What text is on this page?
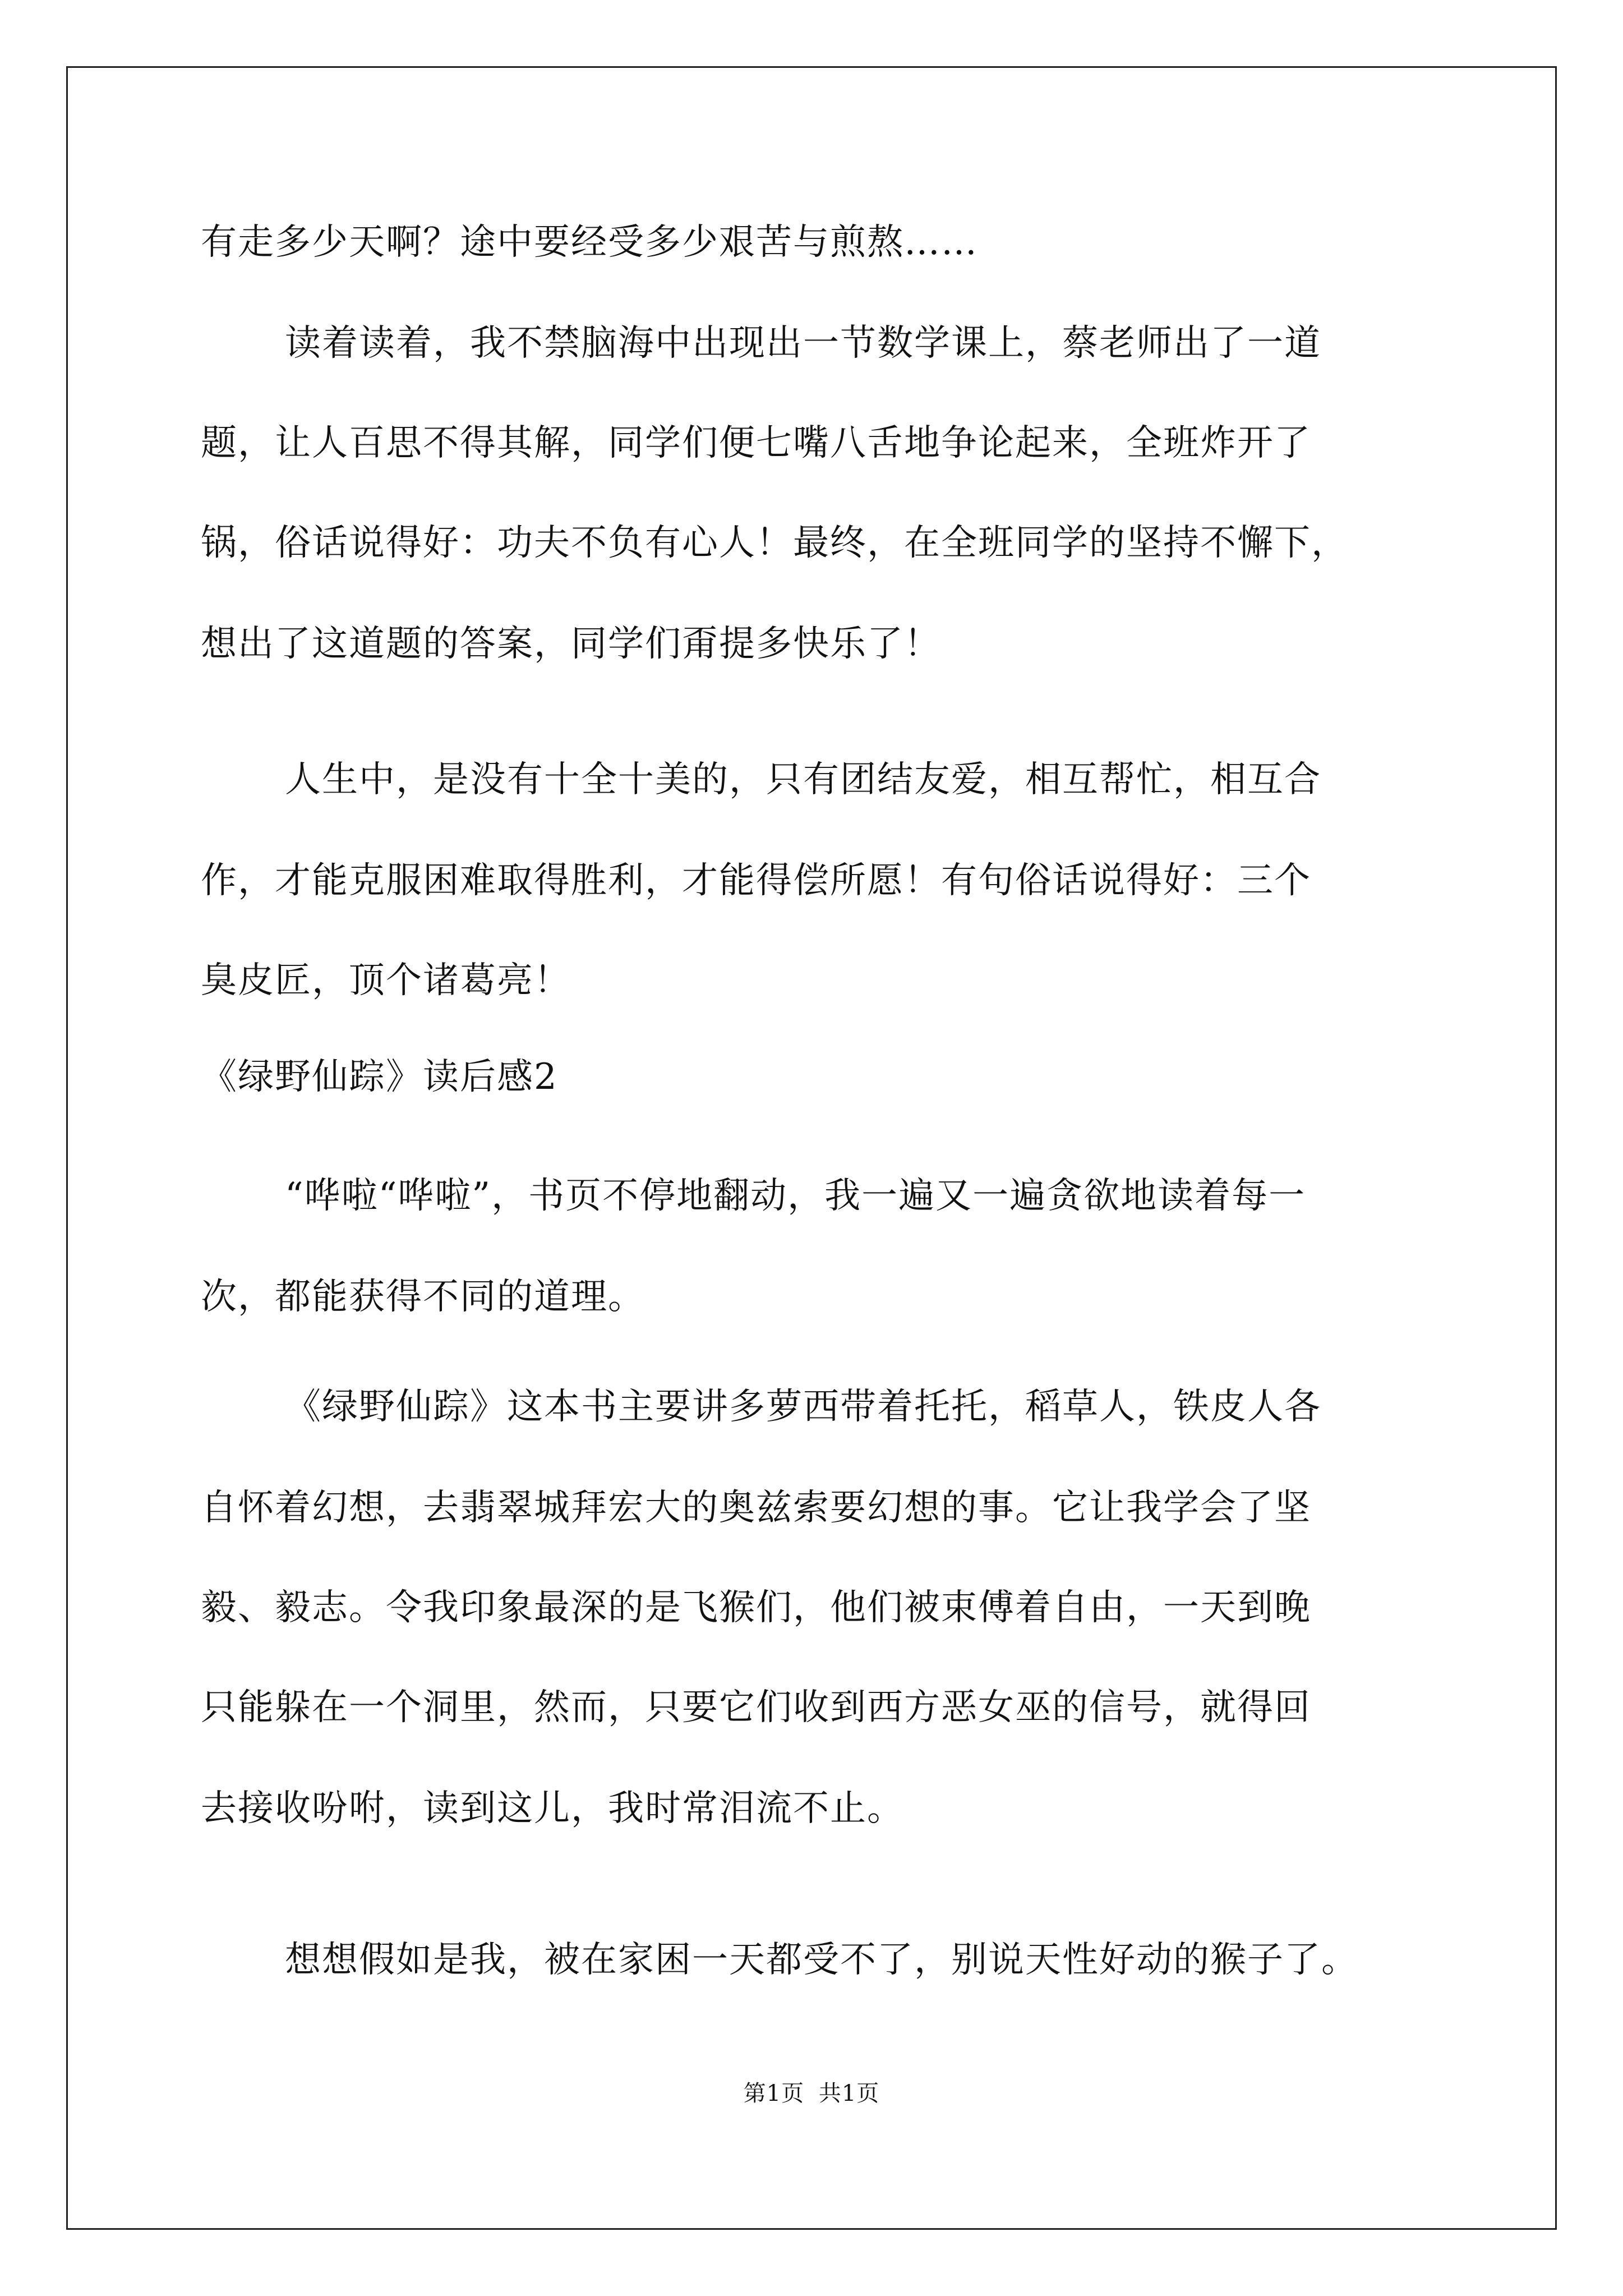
有走多少天啊？途中要经受多少艰苦与煎熬……
读着读着，我不禁脑海中出现出一节数学课上，蔡老师出了一道
题，让人百思不得其解，同学们便七嘴八舌地争论起来，全班炸开了
锅，俗话说得好：功夫不负有心人！最终，在全班同学的坚持不懈下，
想出了这道题的答案，同学们甭提多快乐了！
人生中，是没有十全十美的，只有团结友爱，相互帮忙，相互合
作，才能克服困难取得胜利，才能得偿所愿！有句俗话说得好：三个
臭皮匠，顶个诸葛亮！
《绿野仙踪》读后感2
“哗啦“哗啦”，书页不停地翻动，我一遍又一遍贪欲地读着每一
次，都能获得不同的道理。
《绿野仙踪》这本书主要讲多萝西带着托托，稻草人，铁皮人各
自怀着幻想，去翡翠城拜宏大的奥兹索要幻想的事。它让我学会了坚
毅、毅志。令我印象最深的是飞猴们，他们被束傅着自由，一天到晚
只能躲在一个洞里，然而，只要它们收到西方恶女巫的信号，就得回
去接收吩咐，读到这儿，我时常泪流不止。
想想假如是我，被在家困一天都受不了，别说天性好动的猴子了。
第1页 共1页
